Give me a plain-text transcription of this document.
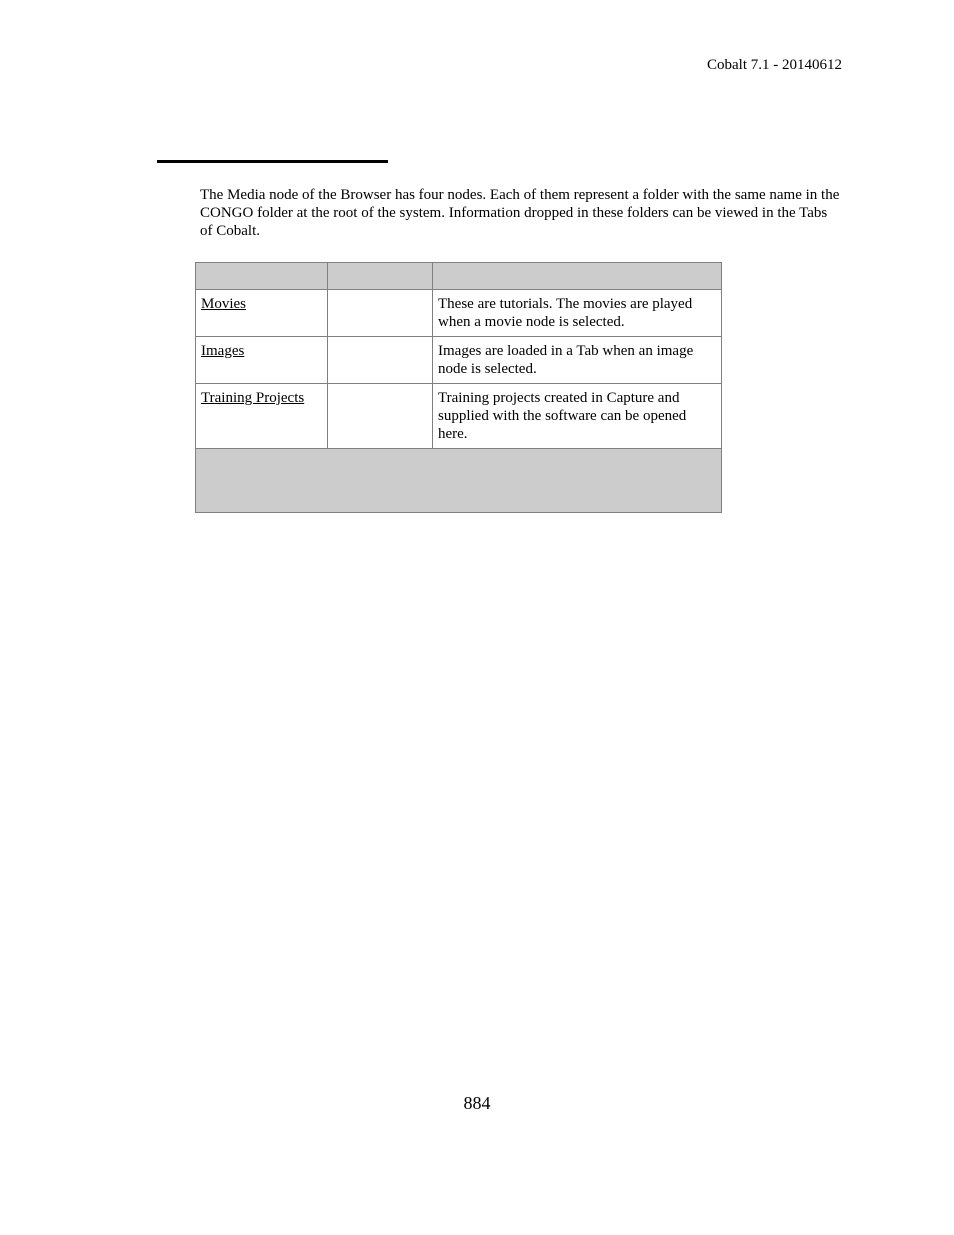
Cobalt 7.1 - 20140612

The Media node of the Browser has four nodes. Each of them represent a folder with the same name in the CONGO folder at the root of the system. Information dropped in these folders can be viewed in the Tabs of Cobalt.

Movies		These are tutorials. The movies are played when a movie node is selected.
Images		Images are loaded in a Tab when an image node is selected.
Training Projects		Training projects created in Capture and supplied with the software can be opened here.

884
